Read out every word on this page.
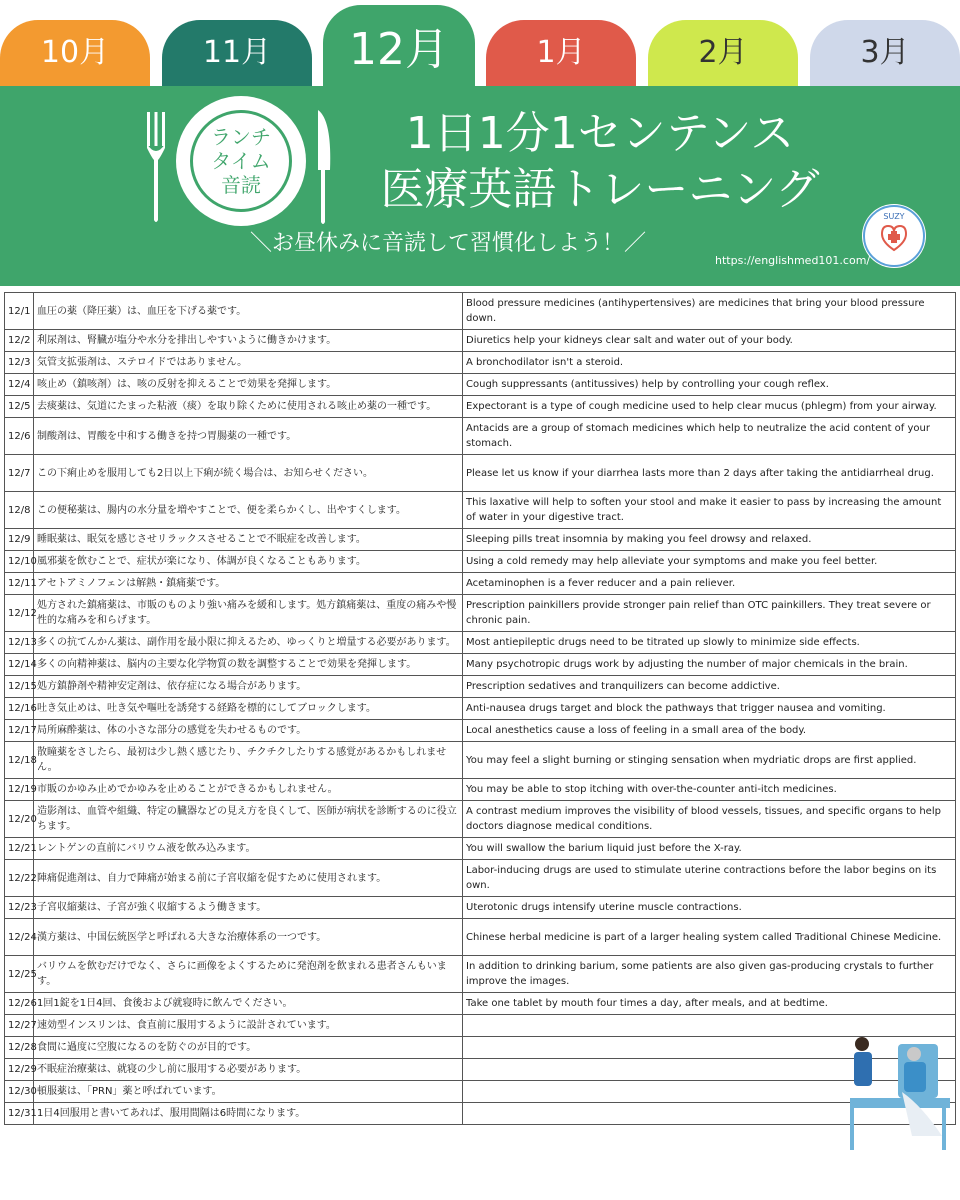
10月	11月	12月	1月	2月	3月
ランチ
タイム
音読
1日1分1センテンス
医療英語トレーニング
＼お昼休みに音読して習慣化しよう！／
https://englishmed101.com/
SUZY
12/1	血圧の薬（降圧薬）は、血圧を下げる薬です。	Blood pressure medicines (antihypertensives) are medicines that bring your blood pressure down.
12/2	利尿剤は、腎臓が塩分や水分を排出しやすいように働きかけます。	Diuretics help your kidneys clear salt and water out of your body.
12/3	気管支拡張剤は、ステロイドではありません。	A bronchodilator isn't a steroid.
12/4	咳止め（鎮咳剤）は、咳の反射を抑えることで効果を発揮します。	Cough suppressants (antitussives) help by controlling your cough reflex.
12/5	去痰薬は、気道にたまった粘液（痰）を取り除くために使用される咳止め薬の一種です。	Expectorant is a type of cough medicine used to help clear mucus (phlegm) from your airway.
12/6	制酸剤は、胃酸を中和する働きを持つ胃腸薬の一種です。	Antacids are a group of stomach medicines which help to neutralize the acid content of your stomach.
12/7	この下痢止めを服用しても2日以上下痢が続く場合は、お知らせください。	Please let us know if your diarrhea lasts more than 2 days after taking the antidiarrheal drug.
12/8	この便秘薬は、腸内の水分量を増やすことで、便を柔らかくし、出やすくします。	This laxative will help to soften your stool and make it easier to pass by increasing the amount of water in your digestive tract.
12/9	睡眠薬は、眠気を感じさせリラックスさせることで不眠症を改善します。	Sleeping pills treat insomnia by making you feel drowsy and relaxed.
12/10	風邪薬を飲むことで、症状が楽になり、体調が良くなることもあります。	Using a cold remedy may help alleviate your symptoms and make you feel better.
12/11	アセトアミノフェンは解熱・鎮痛薬です。	Acetaminophen is a fever reducer and a pain reliever.
12/12	処方された鎮痛薬は、市販のものより強い痛みを緩和します。処方鎮痛薬は、重度の痛みや慢性的な痛みを和らげます。	Prescription painkillers provide stronger pain relief than OTC painkillers. They treat severe or chronic pain.
12/13	多くの抗てんかん薬は、副作用を最小限に抑えるため、ゆっくりと増量する必要があります。	Most antiepileptic drugs need to be titrated up slowly to minimize side effects.
12/14	多くの向精神薬は、脳内の主要な化学物質の数を調整することで効果を発揮します。	Many psychotropic drugs work by adjusting the number of major chemicals in the brain.
12/15	処方鎮静剤や精神安定剤は、依存症になる場合があります。	Prescription sedatives and tranquilizers can become addictive.
12/16	吐き気止めは、吐き気や嘔吐を誘発する経路を標的にしてブロックします。	Anti-nausea drugs target and block the pathways that trigger nausea and vomiting.
12/17	局所麻酔薬は、体の小さな部分の感覚を失わせるものです。	Local anesthetics cause a loss of feeling in a small area of the body.
12/18	散瞳薬をさしたら、最初は少し熱く感じたり、チクチクしたりする感覚があるかもしれません。	You may feel a slight burning or stinging sensation when mydriatic drops are first applied.
12/19	市販のかゆみ止めでかゆみを止めることができるかもしれません。	You may be able to stop itching with over-the-counter anti-itch medicines.
12/20	造影剤は、血管や組織、特定の臓器などの見え方を良くして、医師が病状を診断するのに役立ちます。	A contrast medium improves the visibility of blood vessels, tissues, and specific organs to help doctors diagnose medical conditions.
12/21	レントゲンの直前にバリウム液を飲み込みます。	You will swallow the barium liquid just before the X-ray.
12/22	陣痛促進剤は、自力で陣痛が始まる前に子宮収縮を促すために使用されます。	Labor-inducing drugs are used to stimulate uterine contractions before the labor begins on its own.
12/23	子宮収縮薬は、子宮が強く収縮するよう働きます。	Uterotonic drugs intensify uterine muscle contractions.
12/24	漢方薬は、中国伝統医学と呼ばれる大きな治療体系の一つです。	Chinese herbal medicine is part of a larger healing system called Traditional Chinese Medicine.
12/25	バリウムを飲むだけでなく、さらに画像をよくするために発泡剤を飲まれる患者さんもいます。	In addition to drinking barium, some patients are also given gas-producing crystals to further improve the images.
12/26	1回1錠を1日4回、食後および就寝時に飲んでください。	Take one tablet by mouth four times a day, after meals, and at bedtime.
12/27	速効型インスリンは、食直前に服用するように設計されています。	
12/28	食間に過度に空腹になるのを防ぐのが目的です。	
12/29	不眠症治療薬は、就寝の少し前に服用する必要があります。	
12/30	頓服薬は、「PRN」薬と呼ばれています。	
12/31	1日4回服用と書いてあれば、服用間隔は6時間になります。	
